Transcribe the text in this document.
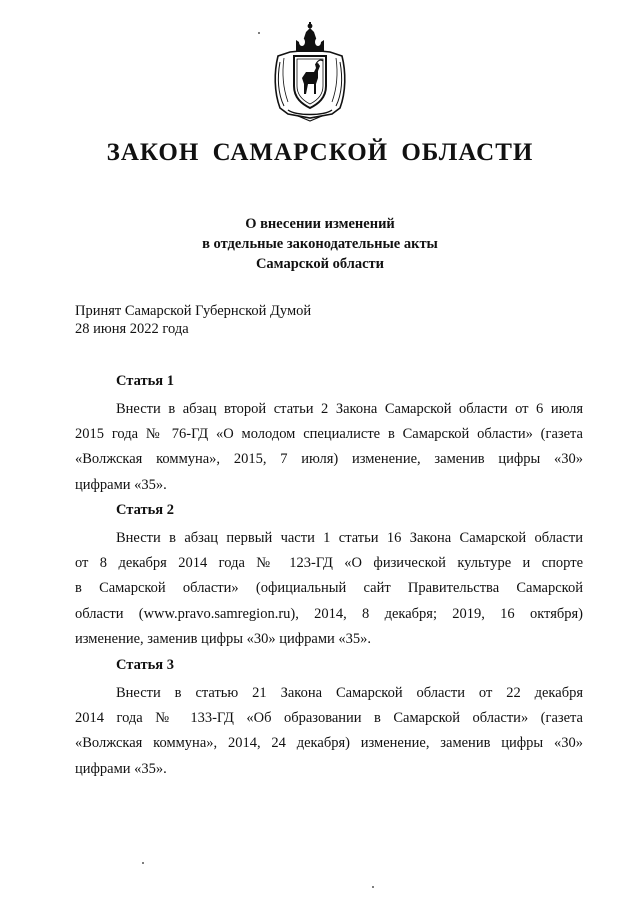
ЗАКОН САМАРСКОЙ ОБЛАСТИ
О внесении изменений
в отдельные законодательные акты
Самарской области
Принят Самарской Губернской Думой
28 июня 2022 года
Статья 1
Внести в абзац второй статьи 2 Закона Самарской области от 6 июля
2015 года № 76-ГД «О молодом специалисте в Самарской области» (газета
«Волжская коммуна», 2015, 7 июля) изменение, заменив цифры «30»
цифрами «35».
Статья 2
Внести в абзац первый части 1 статьи 16 Закона Самарской области
от 8 декабря 2014 года № 123-ГД «О физической культуре и спорте
в Самарской области» (официальный сайт Правительства Самарской
области (www.pravo.samregion.ru), 2014, 8 декабря; 2019, 16 октября)
изменение, заменив цифры «30» цифрами «35».
Статья 3
Внести в статью 21 Закона Самарской области от 22 декабря
2014 года № 133-ГД «Об образовании в Самарской области» (газета
«Волжская коммуна», 2014, 24 декабря) изменение, заменив цифры «30»
цифрами «35».
